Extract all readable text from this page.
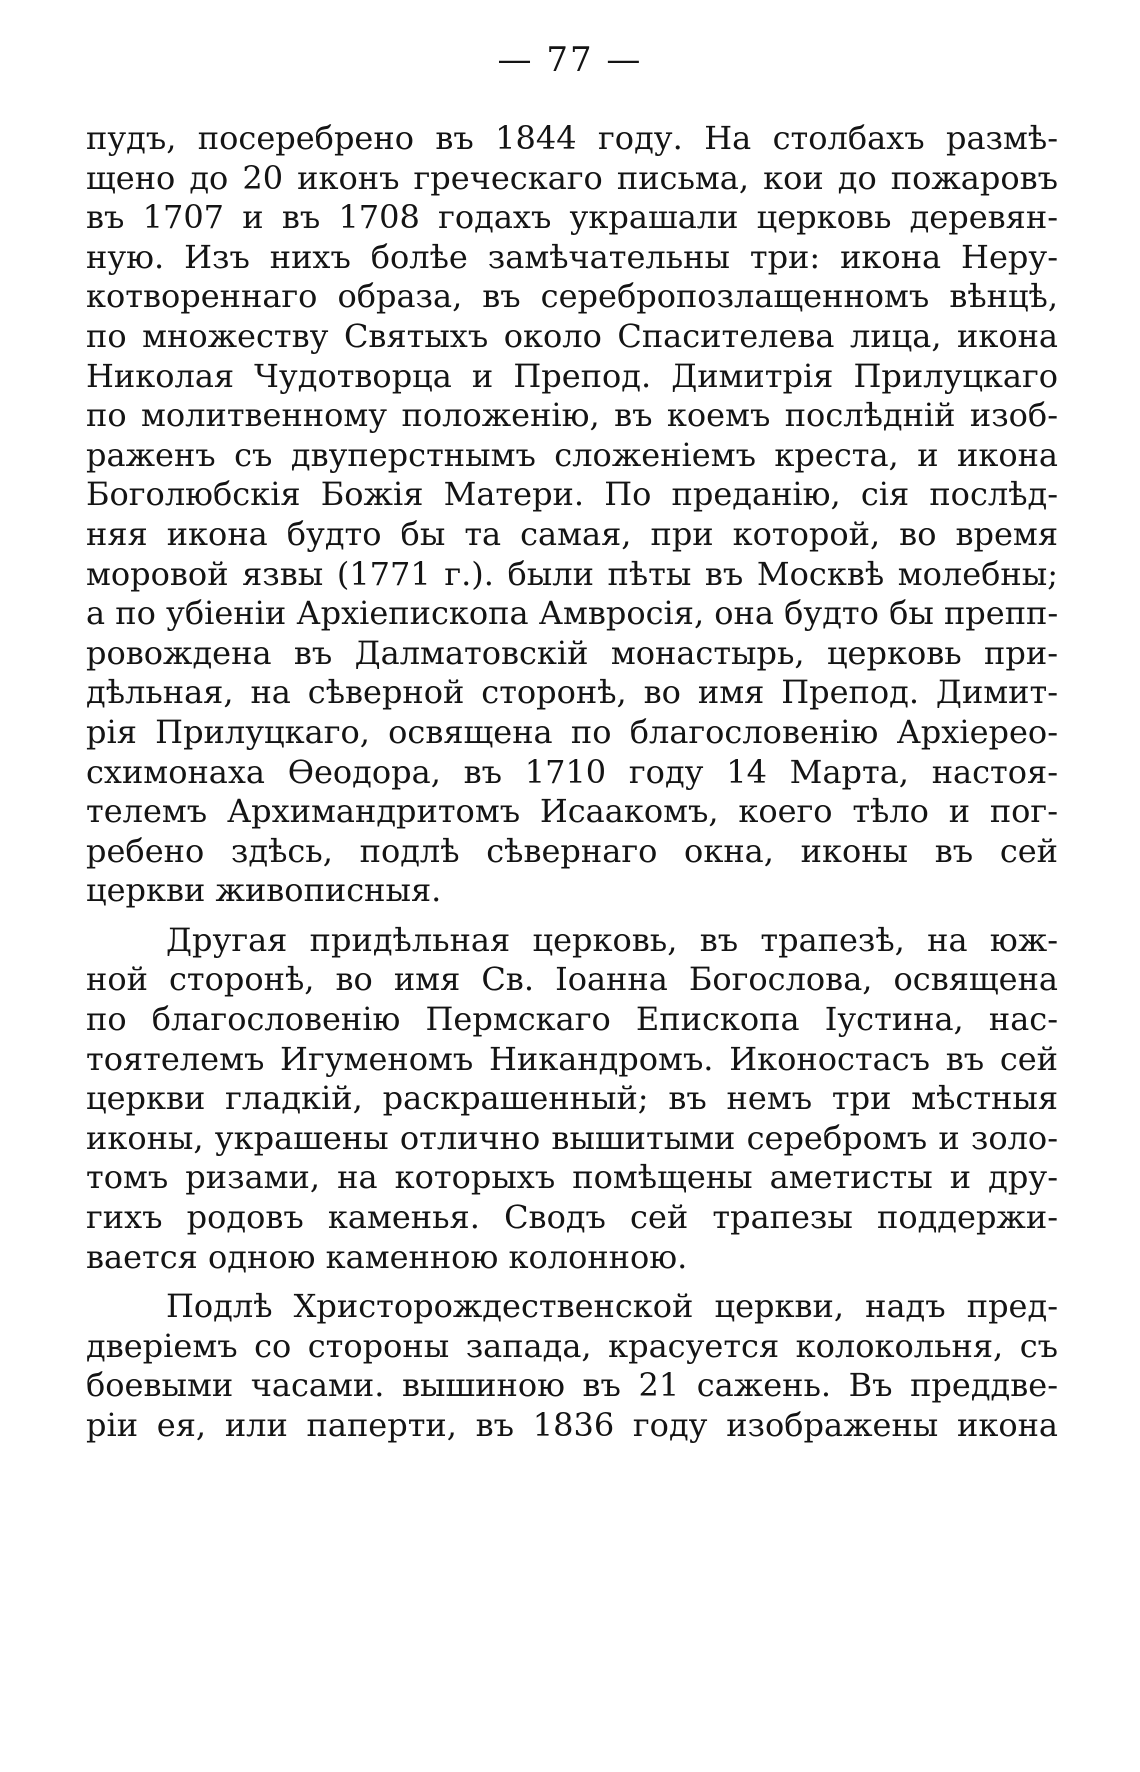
— 77 —
пудъ, посеребрено въ 1844 году. На столбахъ размѣ-
щено до 20 иконъ греческаго письма, кои до пожаровъ
въ 1707 и въ 1708 годахъ украшали церковь деревян-
ную. Изъ нихъ болѣе замѣчательны три: икона Неру-
котвореннаго образа, въ серебропозлащенномъ вѣнцѣ,
по множеству Святыхъ около Спасителева лица, икона
Николая Чудотворца и Препод. Димитрія Прилуцкаго
по молитвенному положенію, въ коемъ послѣдній изоб-
раженъ съ двуперстнымъ сложеніемъ креста, и икона
Боголюбскія Божія Матери. По преданію, сія послѣд-
няя икона будто бы та самая, при которой, во время
моровой язвы (1771 г.). были пѣты въ Москвѣ молебны;
а по убіеніи Архіепископа Амвросія, она будто бы препп-
ровождена въ Далматовскій монастырь, церковь при-
дѣльная, на сѣверной сторонѣ, во имя Препод. Димит-
рія Прилуцкаго, освящена по благословенію Архіерео-
схимонаха Ѳеодора, въ 1710 году 14 Марта, настоя-
телемъ Архимандритомъ Исаакомъ, коего тѣло и пог-
ребено здѣсь, подлѣ сѣвернаго окна, иконы въ сей
церкви живописныя.
Другая придѣльная церковь, въ трапезѣ, на юж-
ной сторонѣ, во имя Св. Іоанна Богослова, освящена
по благословенію Пермскаго Епископа Іустина, нас-
тоятелемъ Игуменомъ Никандромъ. Иконостасъ въ сей
церкви гладкій, раскрашенный; въ немъ три мѣстныя
иконы, украшены отлично вышитыми серебромъ и золо-
томъ ризами, на которыхъ помѣщены аметисты и дру-
гихъ родовъ каменья. Сводъ сей трапезы поддержи-
вается одною каменною колонною.
Подлѣ Христорождественской церкви, надъ пред-
дверіемъ со стороны запада, красуется колокольня, съ
боевыми часами. вышиною въ 21 сажень. Въ преддве-
ріи ея, или паперти, въ 1836 году изображены икона
